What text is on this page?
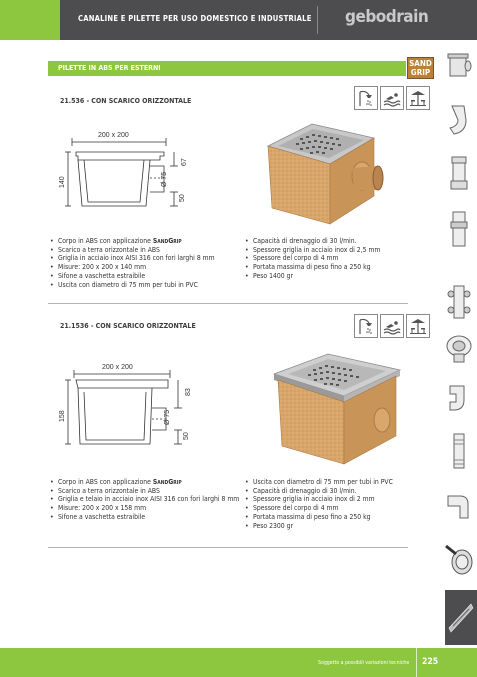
CANALINE E PILETTE PER USO DOMESTICO E INDUSTRIALE gebodrain
PILETTE IN ABS PER ESTERNI	SAND
GRIP
21.536 - CON SCARICO ORIZZONTALE
200 x 200
140
67
Ø 75
50
• Corpo in ABS con applicazione SandGrip
• Scarico a terra orizzontale in ABS
• Griglia in acciaio inox AISI 316 con fori larghi 8 mm
• Misure: 200 x 200 x 140 mm
• Sifone a vaschetta estraibile
• Uscita con diametro di 75 mm per tubi in PVC
• Capacità di drenaggio di 30 l/min.
• Spessore griglia in acciaio inox di 2,5 mm
• Spessore del corpo di 4 mm
• Portata massima di peso fino a 250 kg
• Peso 1400 gr
21.1536 - CON SCARICO ORIZZONTALE
200 x 200
158
83
Ø 75
50
• Corpo in ABS con applicazione SandGrip
• Scarico a terra orizzontale in ABS
• Griglia e telaio in acciaio inox AISI 316 con fori larghi 8 mm
• Misure: 200 x 200 x 158 mm
• Sifone a vaschetta estraibile
• Uscita con diametro di 75 mm per tubi in PVC
• Capacità di drenaggio di 30 l/min.
• Spessore griglia in acciaio inox di 2 mm
• Spessore del corpo di 4 mm
• Portata massima di peso fino a 250 kg
• Peso 2300 gr
Soggetto a possibili variazioni tecniche 225
